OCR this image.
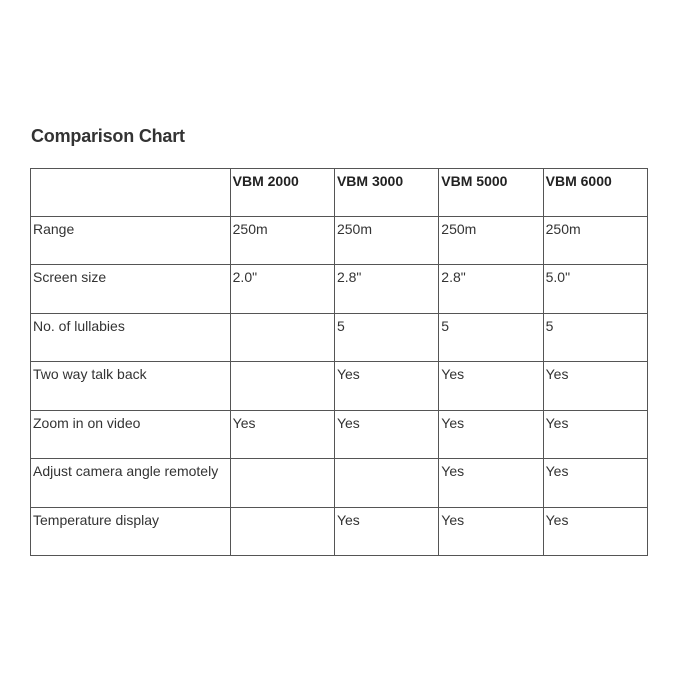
Comparison Chart
	VBM 2000	VBM 3000	VBM 5000	VBM 6000
Range	250m	250m	250m	250m
Screen size	2.0"	2.8"	2.8"	5.0"
No. of lullabies		5	5	5
Two way talk back		Yes	Yes	Yes
Zoom in on video	Yes	Yes	Yes	Yes
Adjust camera angle remotely			Yes	Yes
Temperature display		Yes	Yes	Yes
